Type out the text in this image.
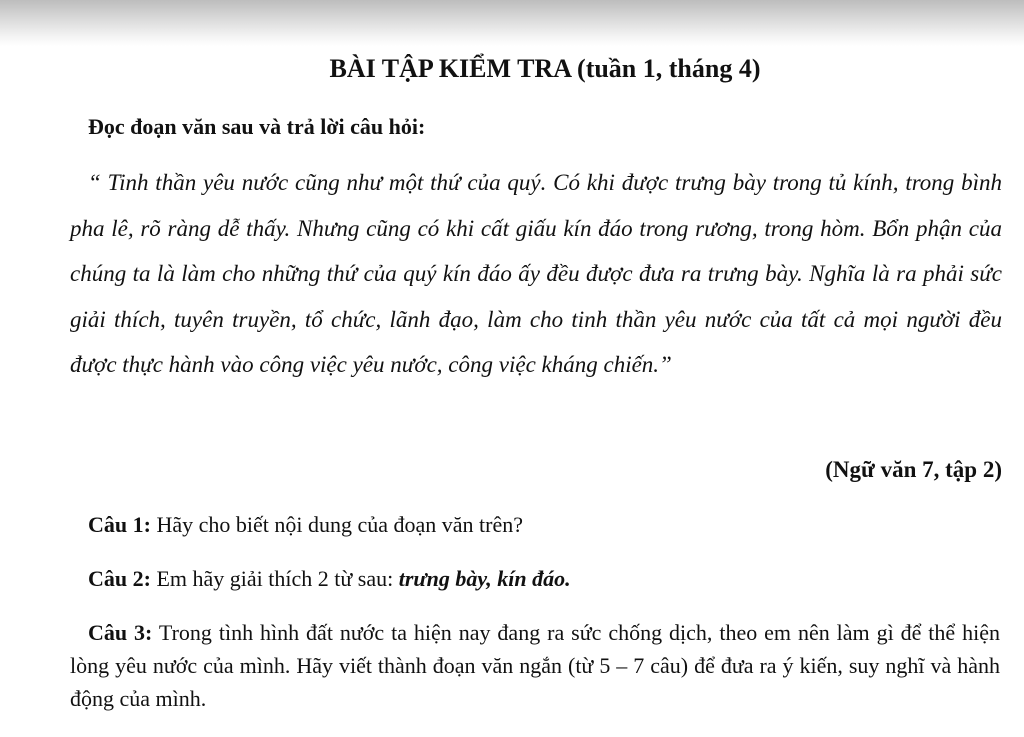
BÀI TẬP KIỂM TRA (tuần 1, tháng 4)
Đọc đoạn văn sau và trả lời câu hỏi:

“ Tinh thần yêu nước cũng như một thứ của quý. Có khi được trưng bày trong tủ kính, trong bình pha lê, rõ ràng dễ thấy. Nhưng cũng có khi cất giấu kín đáo trong rương, trong hòm. Bổn phận của chúng ta là làm cho những thứ của quý kín đáo ấy đều được đưa ra trưng bày. Nghĩa là ra phải sức giải thích, tuyên truyền, tổ chức, lãnh đạo, làm cho tinh thần yêu nước của tất cả mọi người đều được thực hành vào công việc yêu nước, công việc kháng chiến.”

(Ngữ văn 7, tập 2)
Câu 1: Hãy cho biết nội dung của đoạn văn trên?
Câu 2: Em hãy giải thích 2 từ sau: trưng bày, kín đáo.
Câu 3: Trong tình hình đất nước ta hiện nay đang ra sức chống dịch, theo em nên làm gì để thể hiện lòng yêu nước của mình. Hãy viết thành đoạn văn ngắn (từ 5 – 7 câu) để đưa ra ý kiến, suy nghĩ và hành động của mình.
